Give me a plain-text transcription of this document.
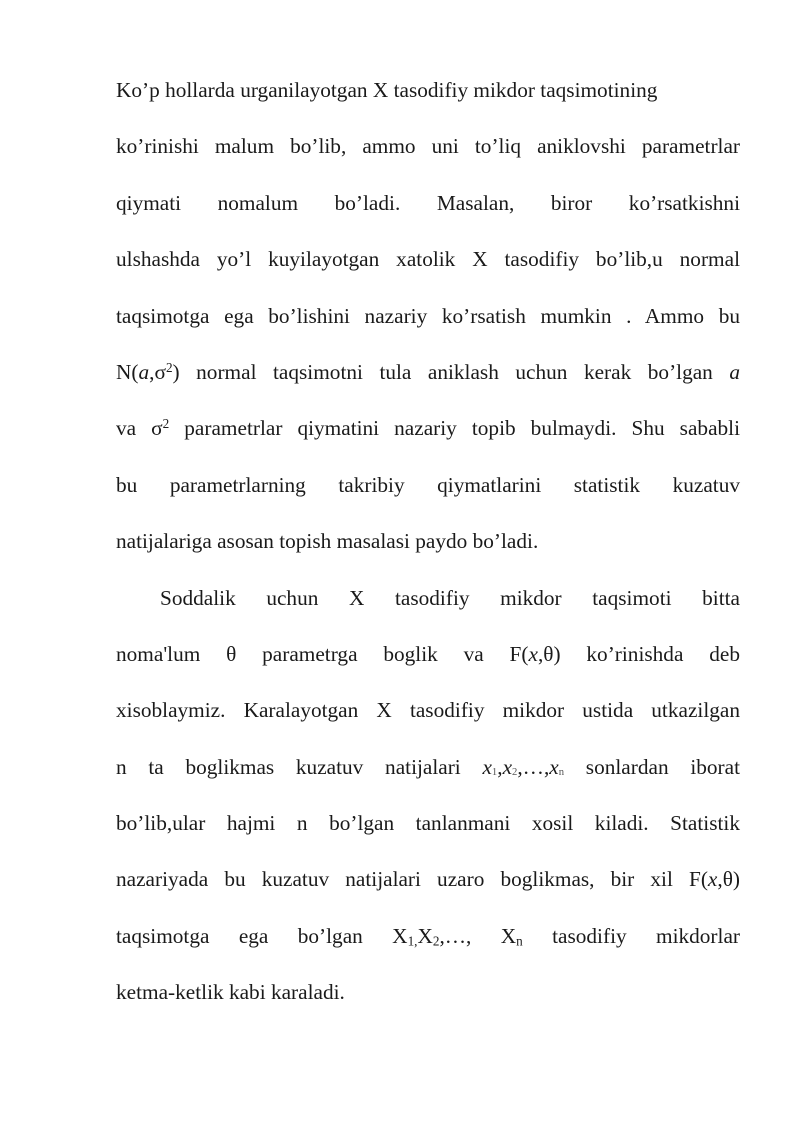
Ko’p hollarda urganilayotgan X tasodifiy mikdor taqsimotining
ko’rinishi malum bo’lib, ammo uni to’liq aniklovshi parametrlar
qiymati nomalum bo’ladi. Masalan, biror ko’rsatkishni
ulshashda yo’l kuyilayotgan xatolik X tasodifiy bo’lib,u normal
taqsimotga ega bo’lishini nazariy ko’rsatish mumkin . Ammo bu
$N(a,\sigma^2)$ normal taqsimotni tula aniklash uchun kerak bo’lgan a
va $\sigma^2$ parametrlar qiymatini nazariy topib bulmaydi. Shu sababli
bu parametrlarning takribiy qiymatlarini statistik kuzatuv
natijalariga asosan topish masalasi paydo bo’ladi.
Soddalik uchun X tasodifiy mikdor taqsimoti bitta
noma'lum θ parametrga boglik va F(x,θ) ko’rinishda deb
xisoblaymiz. Karalayotgan X tasodifiy mikdor ustida utkazilgan
n ta boglikmas kuzatuv natijalari x1,x2,…,xn sonlardan iborat
bo’lib,ular hajmi n bo’lgan tanlanmani xosil kiladi. Statistik
nazariyada bu kuzatuv natijalari uzaro boglikmas, bir xil F(x,θ)
taqsimotga ega bo’lgan $X_{1,}X_2,\dots$, $X_n$ tasodifiy mikdorlar
ketma-ketlik kabi karaladi.
